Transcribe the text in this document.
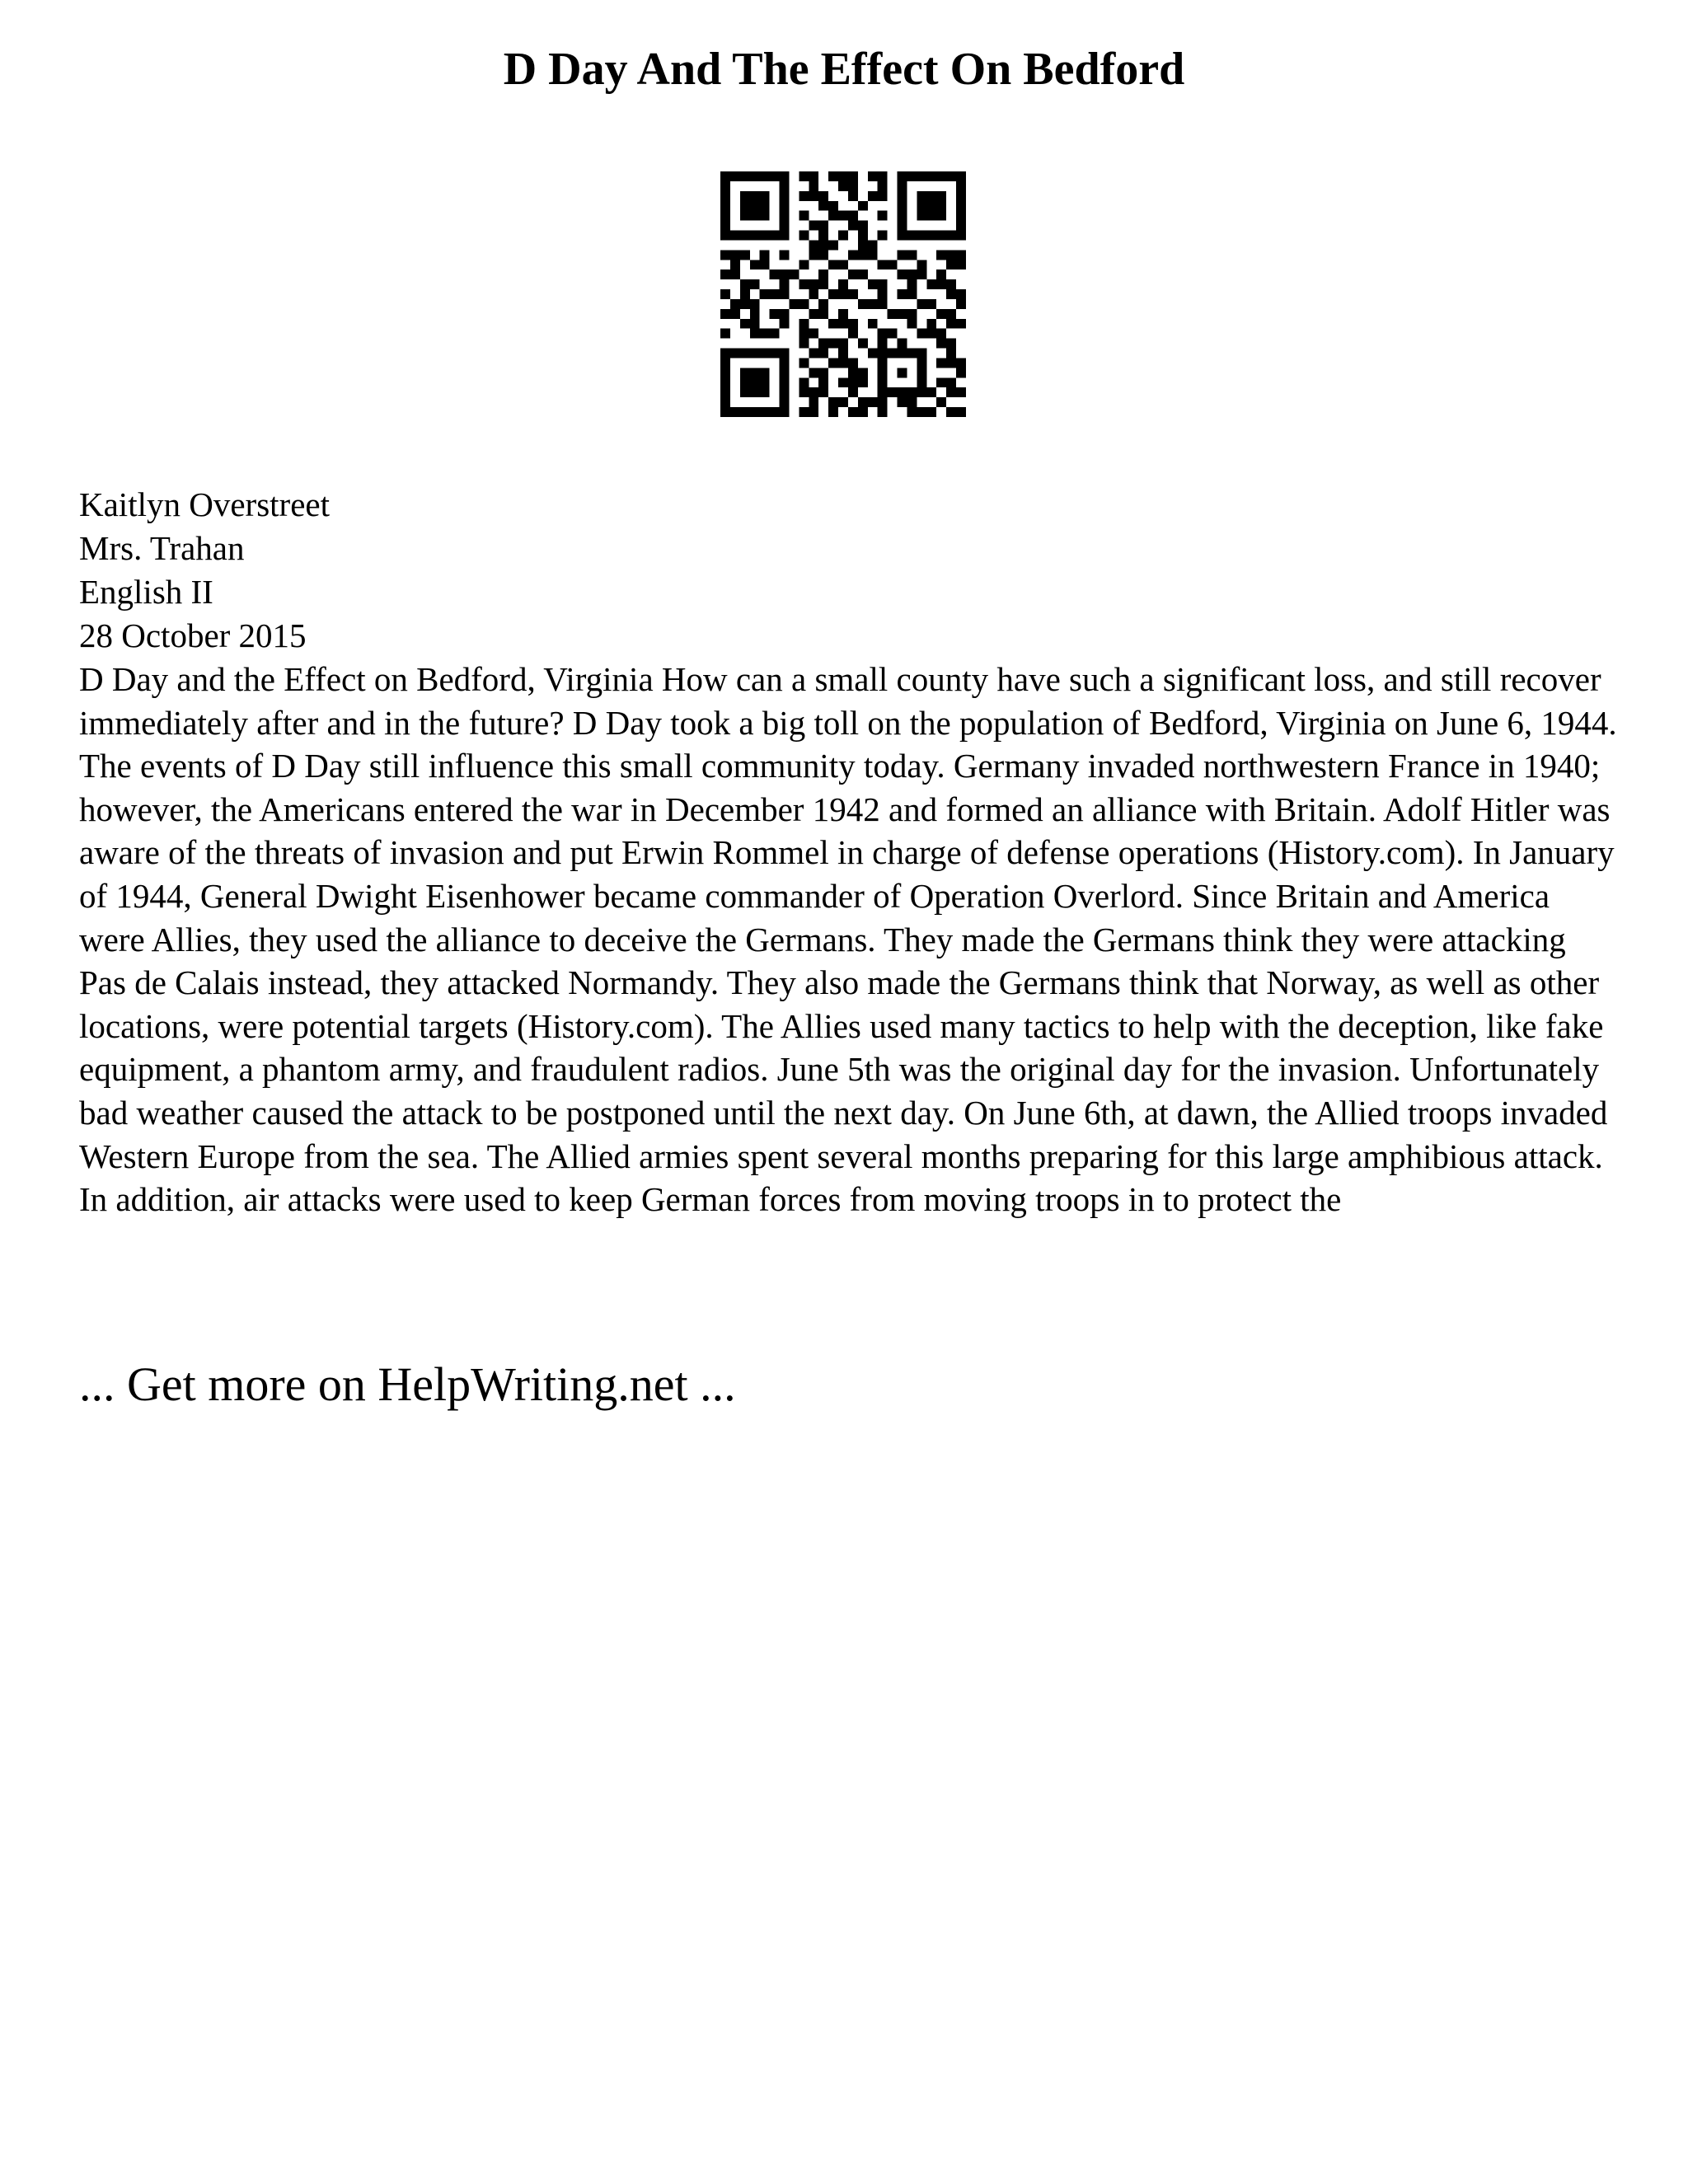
D Day And The Effect On Bedford
Kaitlyn Overstreet
Mrs. Trahan
English II
28 October 2015

D Day and the Effect on Bedford, Virginia How can a small county have such a significant loss, and still recover immediately after and in the future? D Day took a big toll on the population of Bedford, Virginia on June 6, 1944. The events of D Day still influence this small community today. Germany invaded northwestern France in 1940; however, the Americans entered the war in December 1942 and formed an alliance with Britain. Adolf Hitler was aware of the threats of invasion and put Erwin Rommel in charge of defense operations (History.com). In January of 1944, General Dwight Eisenhower became commander of Operation Overlord. Since Britain and America were Allies, they used the alliance to deceive the Germans. They made the Germans think they were attacking Pas de Calais instead, they attacked Normandy. They also made the Germans think that Norway, as well as other locations, were potential targets (History.com). The Allies used many tactics to help with the deception, like fake equipment, a phantom army, and fraudulent radios. June 5th was the original day for the invasion. Unfortunately bad weather caused the attack to be postponed until the next day. On June 6th, at dawn, the Allied troops invaded Western Europe from the sea. The Allied armies spent several months preparing for this large amphibious attack. In addition, air attacks were used to keep German forces from moving troops in to protect the

... Get more on HelpWriting.net ...
